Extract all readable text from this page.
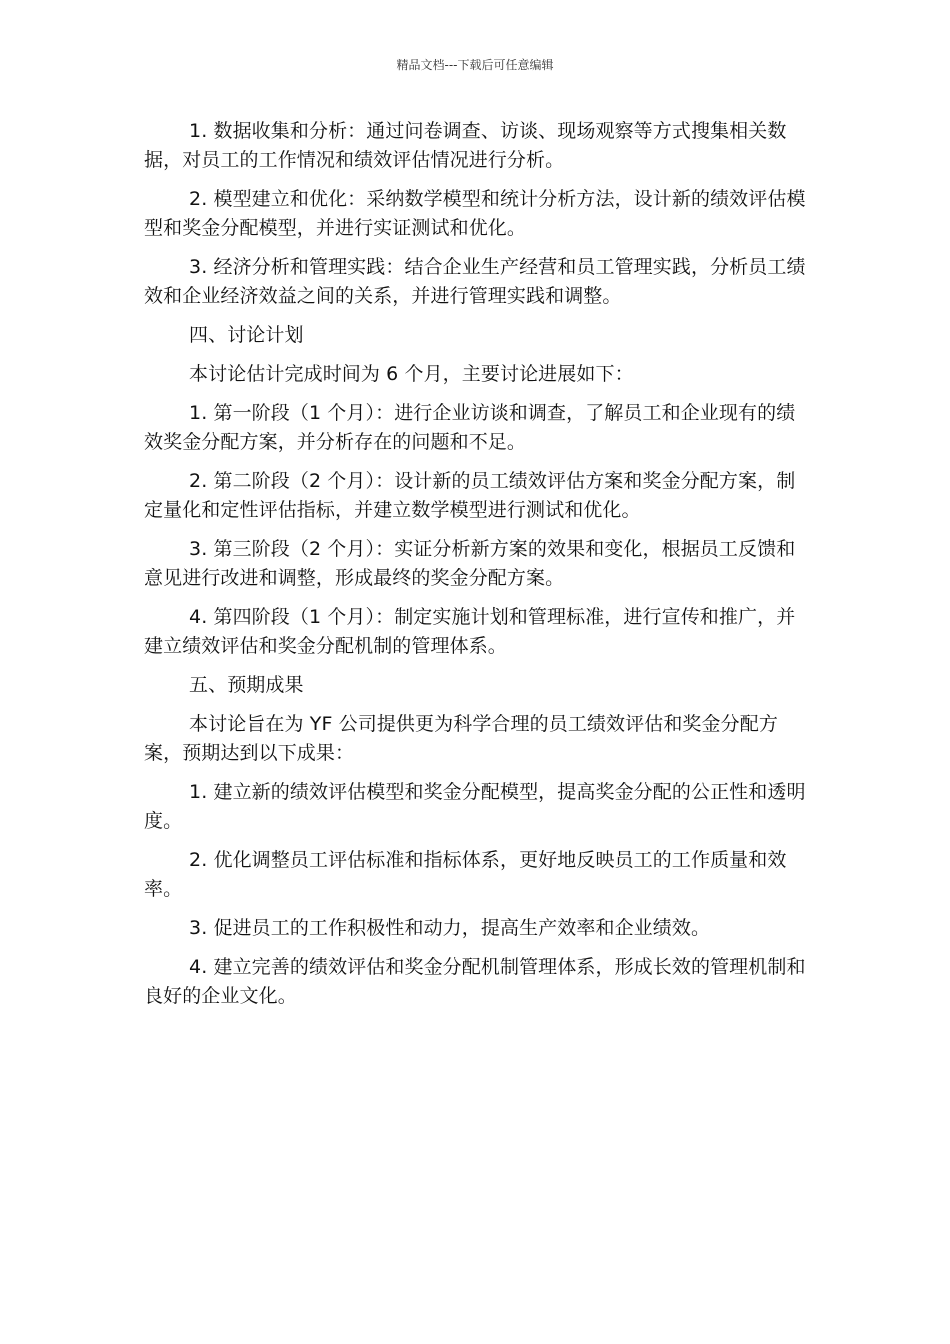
精品文档---下载后可任意编辑

1. 数据收集和分析：通过问卷调查、访谈、现场观察等方式搜集相关数据，对员工的工作情况和绩效评估情况进行分析。

2. 模型建立和优化：采纳数学模型和统计分析方法，设计新的绩效评估模型和奖金分配模型，并进行实证测试和优化。

3. 经济分析和管理实践：结合企业生产经营和员工管理实践，分析员工绩效和企业经济效益之间的关系，并进行管理实践和调整。

四、讨论计划

本讨论估计完成时间为 6 个月，主要讨论进展如下：

1. 第一阶段（1 个月）：进行企业访谈和调查，了解员工和企业现有的绩效奖金分配方案，并分析存在的问题和不足。

2. 第二阶段（2 个月）：设计新的员工绩效评估方案和奖金分配方案，制定量化和定性评估指标，并建立数学模型进行测试和优化。

3. 第三阶段（2 个月）：实证分析新方案的效果和变化，根据员工反馈和意见进行改进和调整，形成最终的奖金分配方案。

4. 第四阶段（1 个月）：制定实施计划和管理标准，进行宣传和推广，并建立绩效评估和奖金分配机制的管理体系。

五、预期成果

本讨论旨在为 YF 公司提供更为科学合理的员工绩效评估和奖金分配方案，预期达到以下成果：

1. 建立新的绩效评估模型和奖金分配模型，提高奖金分配的公正性和透明度。

2. 优化调整员工评估标准和指标体系，更好地反映员工的工作质量和效率。

3. 促进员工的工作积极性和动力，提高生产效率和企业绩效。

4. 建立完善的绩效评估和奖金分配机制管理体系，形成长效的管理机制和良好的企业文化。
